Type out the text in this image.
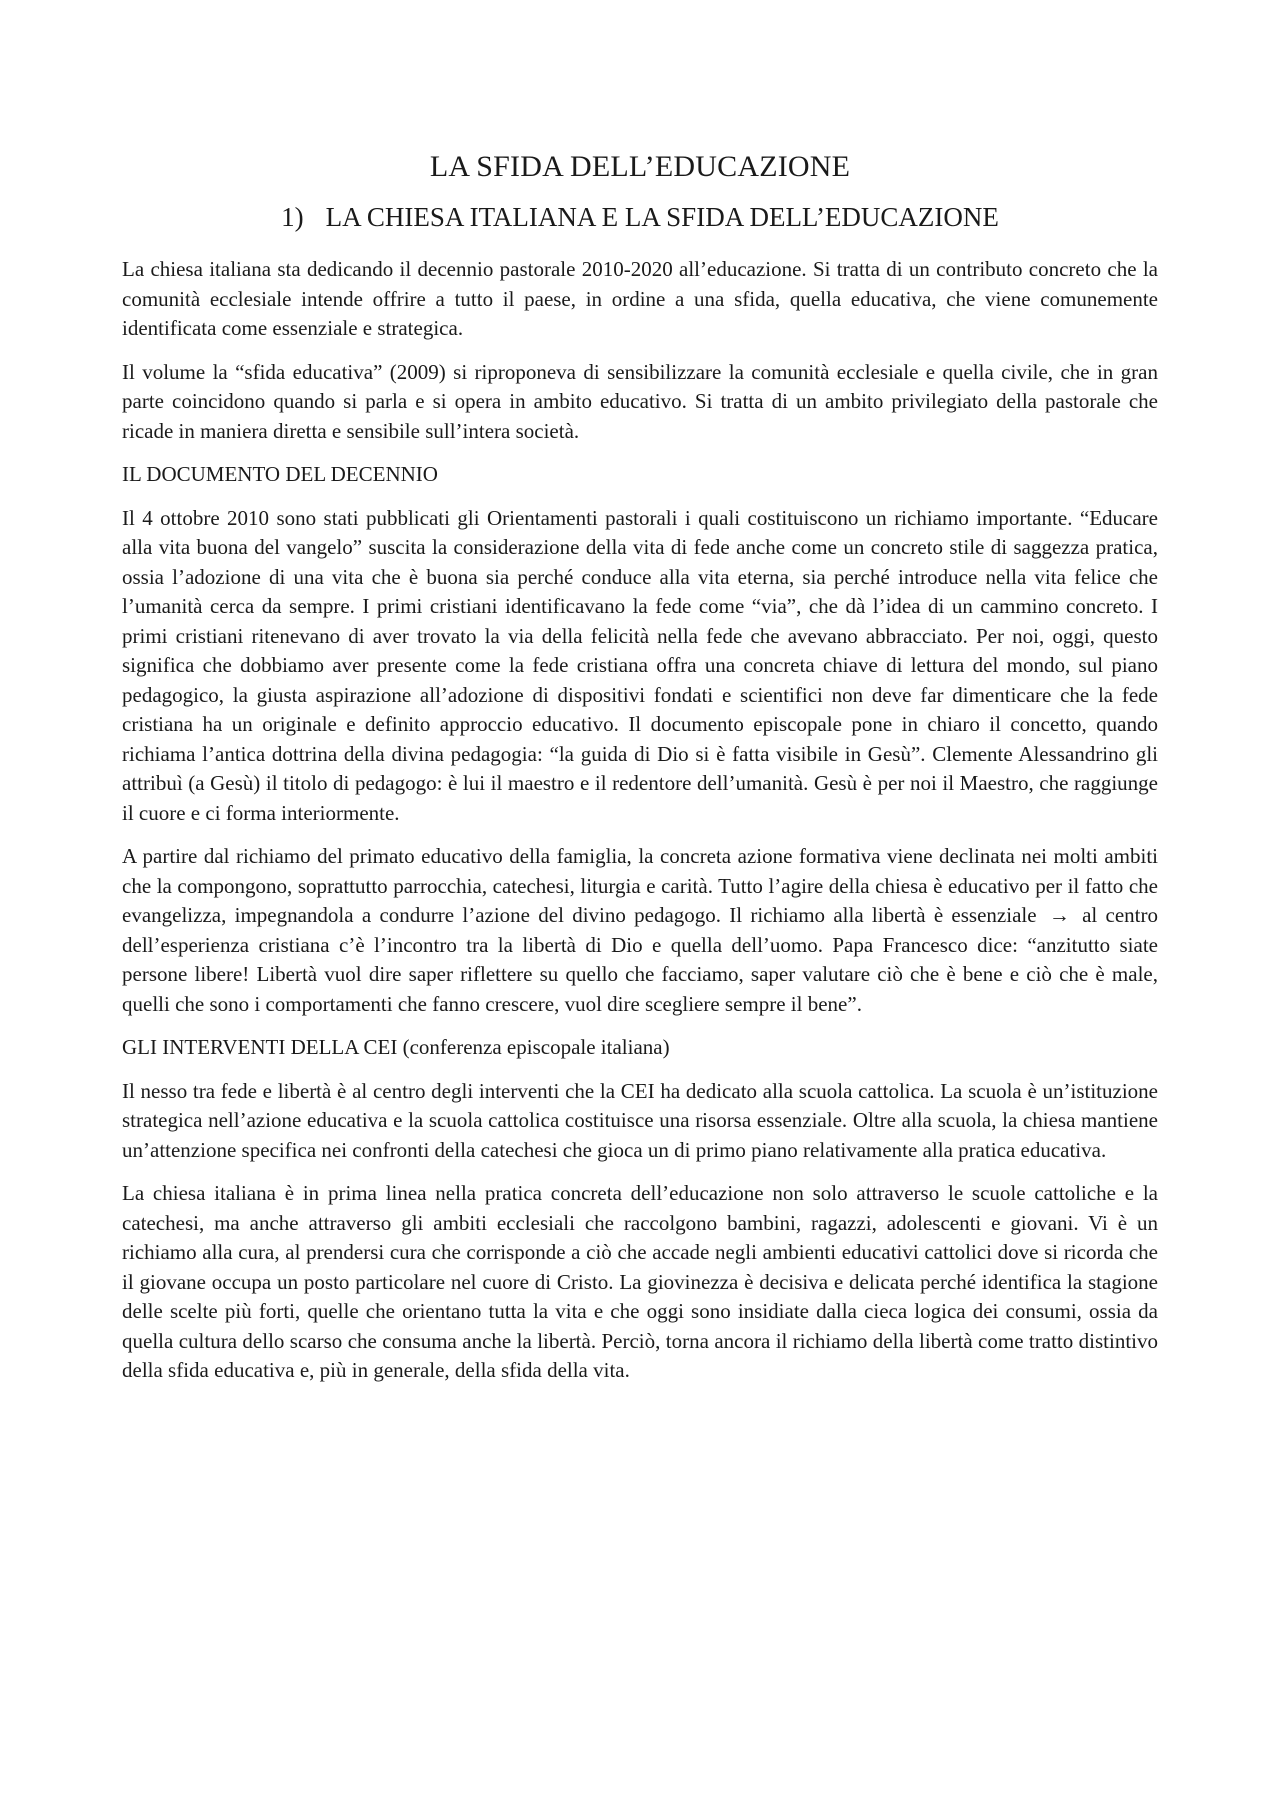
LA SFIDA DELL’EDUCAZIONE
1) LA CHIESA ITALIANA E LA SFIDA DELL’EDUCAZIONE

La chiesa italiana sta dedicando il decennio pastorale 2010-2020 all’educazione. Si tratta di un contributo concreto che la comunità ecclesiale intende offrire a tutto il paese, in ordine a una sfida, quella educativa, che viene comunemente identificata come essenziale e strategica.

Il volume la “sfida educativa” (2009) si riproponeva di sensibilizzare la comunità ecclesiale e quella civile, che in gran parte coincidono quando si parla e si opera in ambito educativo. Si tratta di un ambito privilegiato della pastorale che ricade in maniera diretta e sensibile sull’intera società.

IL DOCUMENTO DEL DECENNIO

Il 4 ottobre 2010 sono stati pubblicati gli Orientamenti pastorali i quali costituiscono un richiamo importante. “Educare alla vita buona del vangelo” suscita la considerazione della vita di fede anche come un concreto stile di saggezza pratica, ossia l’adozione di una vita che è buona sia perché conduce alla vita eterna, sia perché introduce nella vita felice che l’umanità cerca da sempre. I primi cristiani identificavano la fede come “via”, che dà l’idea di un cammino concreto. I primi cristiani ritenevano di aver trovato la via della felicità nella fede che avevano abbracciato. Per noi, oggi, questo significa che dobbiamo aver presente come la fede cristiana offra una concreta chiave di lettura del mondo, sul piano pedagogico, la giusta aspirazione all’adozione di dispositivi fondati e scientifici non deve far dimenticare che la fede cristiana ha un originale e definito approccio educativo. Il documento episcopale pone in chiaro il concetto, quando richiama l’antica dottrina della divina pedagogia: “la guida di Dio si è fatta visibile in Gesù”. Clemente Alessandrino gli attribuì (a Gesù) il titolo di pedagogo: è lui il maestro e il redentore dell’umanità. Gesù è per noi il Maestro, che raggiunge il cuore e ci forma interiormente.

A partire dal richiamo del primato educativo della famiglia, la concreta azione formativa viene declinata nei molti ambiti che la compongono, soprattutto parrocchia, catechesi, liturgia e carità. Tutto l’agire della chiesa è educativo per il fatto che evangelizza, impegnandola a condurre l’azione del divino pedagogo. Il richiamo alla libertà è essenziale → al centro dell’esperienza cristiana c’è l’incontro tra la libertà di Dio e quella dell’uomo. Papa Francesco dice: “anzitutto siate persone libere! Libertà vuol dire saper riflettere su quello che facciamo, saper valutare ciò che è bene e ciò che è male, quelli che sono i comportamenti che fanno crescere, vuol dire scegliere sempre il bene”.

GLI INTERVENTI DELLA CEI (conferenza episcopale italiana)

Il nesso tra fede e libertà è al centro degli interventi che la CEI ha dedicato alla scuola cattolica. La scuola è un’istituzione strategica nell’azione educativa e la scuola cattolica costituisce una risorsa essenziale. Oltre alla scuola, la chiesa mantiene un’attenzione specifica nei confronti della catechesi che gioca un di primo piano relativamente alla pratica educativa.

La chiesa italiana è in prima linea nella pratica concreta dell’educazione non solo attraverso le scuole cattoliche e la catechesi, ma anche attraverso gli ambiti ecclesiali che raccolgono bambini, ragazzi, adolescenti e giovani. Vi è un richiamo alla cura, al prendersi cura che corrisponde a ciò che accade negli ambienti educativi cattolici dove si ricorda che il giovane occupa un posto particolare nel cuore di Cristo. La giovinezza è decisiva e delicata perché identifica la stagione delle scelte più forti, quelle che orientano tutta la vita e che oggi sono insidiate dalla cieca logica dei consumi, ossia da quella cultura dello scarso che consuma anche la libertà. Perciò, torna ancora il richiamo della libertà come tratto distintivo della sfida educativa e, più in generale, della sfida della vita.
